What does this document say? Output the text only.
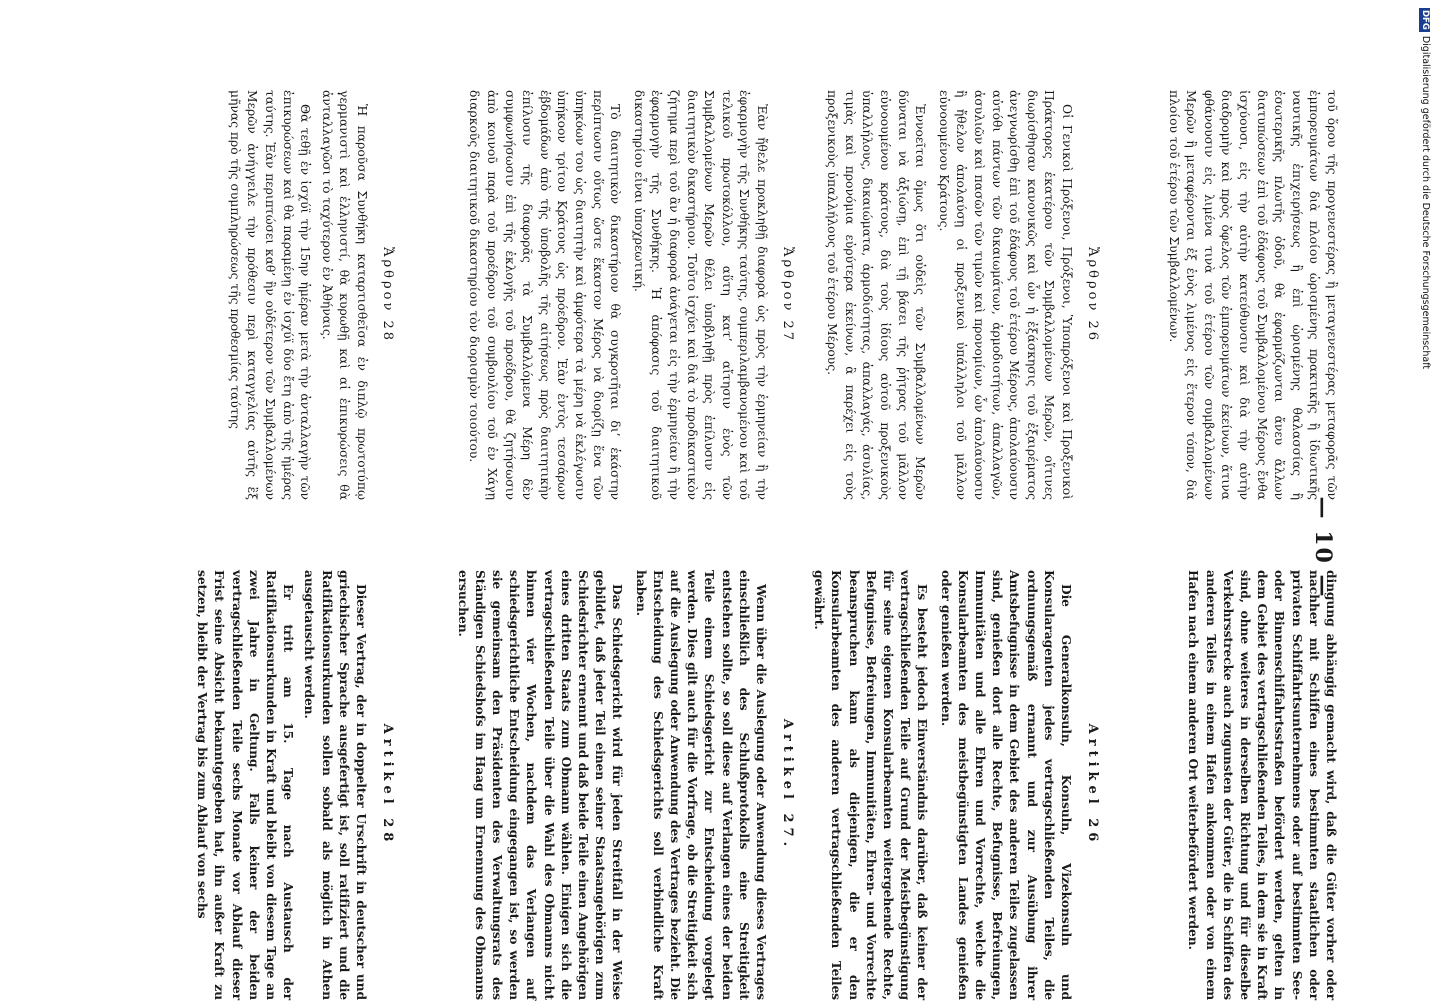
— 10 —

τοῦ ὅρου τῆς προγενεστέρας ἢ μεταγενεστέρας μεταφορᾶς τῶν ἐμπορευμάτων διὰ πλοίου ὡρισμένης πρακτικῆς ἢ ἰδιωτικῆς ναυτικῆς ἐπιχειρήσεως ἢ ἐπὶ ὡρισμένης θαλασσίας ἢ ἐσωτερικῆς πλωτῆς ὁδοῦ, θὰ ἐφαρμόζωνται ἄνευ ἄλλων διατυπώσεων ἐπὶ τοῦ ἐδάφους τοῦ Συμβαλλομένου Μέρους ἔνθα ἰσχύουσι, εἰς τὴν αὐτὴν κατεύθυνσιν καὶ διὰ τὴν αὐτὴν διαδρομὴν καὶ πρὸς ὄφελος τῶν ἐμπορευμάτων ἐκείνων, ἅτινα φθάνουσιν εἰς λιμένα τινὰ τοῦ ἑτέρου τῶν συμβαλλομένων Μερῶν ἢ μεταφέρονται ἐξ ἑνὸς λιμένος εἰς ἕτερον τόπον, διὰ πλοίου τοῦ ἑτέρου τῶν Συμβαλλομένων.

Ἄρθρον 26

Οἱ Γενικοὶ Πρόξενοι, Πρόξενοι, Ὑποπρόξενοι καὶ Προξενικοὶ Πράκτορες ἑκατέρου τῶν Συμβαλλομένων Μερῶν, οἵτινες διωρίσθησαν κανονικῶς καὶ ὧν ἡ ἐξάσκησις τοῦ ἐξαιρέματος ἀνεγνωρίσθη ἐπὶ τοῦ ἐδάφους τοῦ ἑτέρου Μέρους, ἀπολαύουσιν αὐτόθι πάντων τῶν δικαιωμάτων, ἁρμοδιοτήτων, ἀπαλλαγῶν, ἀσυλιῶν καὶ πασῶν τῶν τιμῶν καὶ προνομίων, ὧν ἀπολαύουσιν ἢ ἤθελον ἀπολαύσῃ οἱ προξενικοὶ ὑπάλληλοι τοῦ μᾶλλον εὐνοουμένου Κράτους.

Ἐννοεῖται ὅμως ὅτι οὐδεὶς τῶν Συμβαλλομένων Μερῶν δύναται νὰ ἀξιώσῃ, ἐπὶ τῇ βάσει τῆς ῥήτρας τοῦ μᾶλλον εὐνοουμένου κράτους, διὰ τοὺς ἰδίους αὐτοῦ προξενικοὺς ὑπαλλήλους, δικαιώματα, ἁρμοδιότητας, ἀπαλλαγάς, ἀσυλίας, τιμὰς καὶ προνόμια εὐρύτερα ἐκείνων, ἃ παρέχει εἰς τοὺς προξενικοὺς ὑπαλλήλους τοῦ ἑτέρου Μέρους.

Ἄρθρον 27

Ἐὰν ἤθελε προκληθῇ διαφορὰ ὡς πρὸς τὴν ἑρμηνείαν ἢ τὴν ἐφαρμογὴν τῆς Συνθήκης ταύτης, συμπεριλαμβανομένου καὶ τοῦ τελικοῦ πρωτοκόλλου, αὕτη κατ’ αἴτησιν ἑνὸς τῶν Συμβαλλομένων Μερῶν θέλει ὑποβληθῇ πρὸς ἐπίλυσιν εἰς διαιτητικὸν δικαστήριον. Τοῦτο ἰσχύει καὶ διὰ τὸ προδικαστικὸν ζήτημα περὶ τοῦ ἂν ἡ διαφορὰ ἀνάγεται εἰς τὴν ἑρμηνείαν ἢ τὴν ἐφαρμογὴν τῆς Συνθήκης. Ἡ ἀπόφασις τοῦ διαιτητικοῦ δικαστηρίου εἶναι ὑποχρεωτική.

Τὸ διαιτητικὸν δικαστήριον θὰ συγκροτῆται δι’ ἑκάστην περίπτωσιν οὕτως ὥστε ἕκαστον Μέρος νὰ διορίζῃ ἕνα τῶν ὑπηκόων του ὡς διαιτητὴν καὶ ἀμφότερα τὰ μέρη νὰ ἐκλέγωσιν ὑπήκοον τρίτου Κράτους ὡς πρόεδρον. Ἐὰν ἐντὸς τεσσάρων ἑβδομάδων ἀπὸ τῆς ὑποβολῆς τῆς αἰτήσεως πρὸς διαιτητικὴν ἐπίλυσιν τῆς διαφορᾶς τὰ Συμβαλλόμενα Μέρη δὲν συμφωνήσωσιν ἐπὶ τῆς ἐκλογῆς τοῦ προέδρου, θὰ ζητήσωσιν ἀπὸ κοινοῦ παρὰ τοῦ προέδρου τοῦ συμβουλίου τοῦ ἐν Χάγῃ διαρκοῦς διαιτητικοῦ δικαστηρίου τὸν διορισμὸν τοιούτου.

Ἄρθρον 28

Ἡ παροῦσα Συνθήκη καταρτισθεῖσα ἐν διπλῷ πρωτοτύπῳ γερμανιστὶ καὶ ἑλληνιστί, θὰ κυρωθῇ καὶ αἱ ἐπικυρώσεις θὰ ἀνταλλαγῶσι τὸ ταχύτερον ἐν Ἀθήναις.

Θὰ τεθῇ ἐν ἰσχύϊ τὴν 15ην ἡμέραν μετὰ τὴν ἀνταλλαγὴν τῶν ἐπικυρώσεων καὶ θὰ παραμένῃ ἐν ἰσχύϊ δύο ἔτη ἀπὸ τῆς ἡμέρας ταύτης. Ἐὰν περιπτώσει καθ’ ἣν οὐδέτερον τῶν Συμβαλλομένων Μερῶν ἀνήγγειλε τὴν πρόθεσιν περὶ καταγγελίας αὐτῆς ἓξ μῆνας πρὸ τῆς συμπληρώσεως τῆς προθεσμίας ταύτης

dingung abhängig gemacht wird, daß die Güter vorher oder nachher mit Schiffen eines bestimmten staatlichen oder privaten Schiffahrtsunternehmens oder auf bestimmten See- oder Binnenschiffahrtsstraßen befördert werden, gelten in dem Gebiet des vertragschließenden Teiles, in dem sie in Kraft sind, ohne weiteres in derselben Richtung und für dieselbe Verkehrsstrecke auch zugunsten der Güter, die in Schiffen des anderen Teiles in einem Hafen ankommen oder von einem Hafen nach einem anderen Ort weiterbefördert werden.

Artikel 26

Die Generalkonsuln, Konsuln, Vizekonsuln und Konsularagenten jedes vertragschließenden Teiles, die ordnungsgemäß ernannt und zur Ausübung ihrer Amtsbefugnisse in dem Gebiet des anderen Teiles zugelassen sind, genießen dort alle Rechte, Befugnisse, Befreiungen, Immunitäten und alle Ehren und Vorrechte, welche die Konsularbeamten des meistbegünstigten Landes genießen oder genießen werden.

Es besteht jedoch Einverständnis darüber, daß keiner der vertragschließenden Teile auf Grund der Meistbegünstigung für seine eigenen Konsularbeamten weitergehende Rechte, Befugnisse, Befreiungen, Immunitäten, Ehren- und Vorrechte beanspruchen kann als diejenigen, die er den Konsularbeamten des anderen vertragschließenden Teiles gewährt.

Artikel 27.

Wenn über die Auslegung oder Anwendung dieses Vertrages einschließlich des Schlußprotokolls eine Streitigkeit entstehen sollte, so soll diese auf Verlangen eines der beiden Teile einem Schiedsgericht zur Entscheidung vorgelegt werden. Dies gilt auch für die Vorfrage, ob die Streitigkeit sich auf die Auslegung oder Anwendung des Vertrages bezieht. Die Entscheidung des Schiedsgerichts soll verbindliche Kraft haben.

Das Schiedsgericht wird für jeden Streitfall in der Weise gebildet, daß jeder Teil einen seiner Staatsangehörigen zum Schiedsrichter ernennt und daß beide Teile einen Angehörigen eines dritten Staats zum Obmann wählen. Einigen sich die vertragschließenden Teile über die Wahl des Obmanns nicht binnen vier Wochen, nachdem das Verlangen auf schiedsgerichtliche Entscheidung eingegangen ist, so werden sie gemeinsam den Präsidenten des Verwaltungsrats des Ständigen Schiedshofs im Haag um Ernennung des Obmanns ersuchen.

Artikel 28

Dieser Vertrag, der in doppelter Urschrift in deutscher und griechischer Sprache ausgefertigt ist, soll ratifiziert und die Ratifikationsurkunden sollen sobald als möglich in Athen ausgetauscht werden.

Er tritt am 15. Tage nach Austausch der Ratifikationsurkunden in Kraft und bleibt von diesem Tage an zwei Jahre in Geltung. Falls keiner der beiden vertragschließenden Teile sechs Monate vor Ablauf dieser Frist seine Absicht bekanntgegeben hat, ihn außer Kraft zu setzen, bleibt der Vertrag bis zum Ablauf von sechs

DFGDigitalisierung gefördert durch die Deutsche Forschungsgemeinschaft
